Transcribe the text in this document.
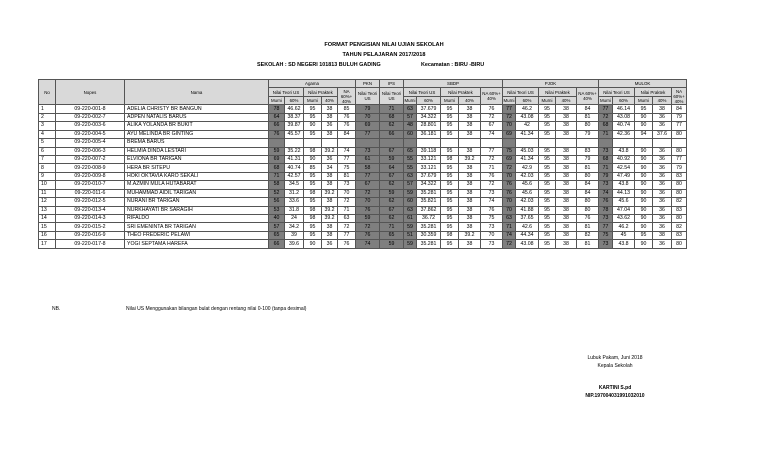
FORMAT PENGISIAN NILAI UJIAN SEKOLAH
TAHUN PELAJARAN 2017/2018
SEKOLAH : SD NEGERI 101813 BULUH GADING	Kecamatan : BIRU -BIRU
No	Nopes	Nama	Agama					PKN	IPS	SBDP					PJOK					MULOK				
			Nilai Teori US		Nilai Praktek		NA 60%+ 40%	Nilai Teori US	Nilai Teori US	Nilai Teori US		Nilai Praktek		NA 60%+ 40%	Nilai Teori US		Nilai Praktek		NA 60%+ 40%	Nilai Teori US		Nilai Praktek		NA 60%+ 40%
			Murni	60%	Murni	40%				Murni	60%	Murni	40%		Murni	60%	Murni	40%		Murni	60%	Murni	40%	
1	09-220-001-8	ADELIA CHRISTY BR BANGUN	78	46.62	95	38	85	79	71	63	37.679	95	38	76	77	46.2	95	38	84	77	46.14	95	38	84
2	09-220-002-7	ADPEN NATALIS BARUS	64	38.37	95	38	76	70	68	57	34.322	95	38	72	72	43.08	95	38	81	72	43.08	90	36	79
3	09-220-003-6	ALIKA YOLANDA BR BUKIT	66	39.87	90	36	76	69	62	48	28.801	95	38	67	70	42	95	38	80	68	40.74	90	36	77
4	09-220-004-5	AYU MELINDA BR GINTING	76	45.57	95	38	84	77	66	60	36.181	95	38	74	69	41.34	95	38	79	71	42.36	94	37.6	80
5	09-220-005-4	BREMA BARUS																						
6	09-220-006-3	HELMIA DINDA LESTARI	59	35.22	98	39.2	74	73	67	65	39.118	95	38	77	75	45.03	95	38	83	73	43.8	90	36	80
7	09-220-007-2	ELVIONA BR TARIGAN	69	41.31	90	36	77	61	59	55	33.121	98	39.2	72	69	41.34	95	38	79	68	40.92	90	36	77
8	09-220-008-9	HERA BR SITEPU	68	40.74	85	34	75	58	64	55	33.121	95	38	71	72	42.9	95	38	81	71	42.54	90	36	79
9	09-220-009-8	HOKI OKTAVIA KARO SEKALI	71	42.57	95	38	81	77	67	63	37.679	95	38	76	70	42.03	95	38	80	79	47.49	90	36	83
10	09-220-010-7	M.AZMIN MULA HUTABARAT	58	34.5	95	38	73	67	62	57	34.322	95	38	72	76	45.6	95	38	84	73	43.8	90	36	80
11	09-220-011-6	MUHAMMAD AIDIL TARIGAN	52	31.2	98	39.2	70	72	59	59	35.281	95	38	73	76	45.6	95	38	84	74	44.13	90	36	80
12	09-220-012-5	NURANI BR TARIGAN	56	33.6	95	38	72	70	62	60	35.821	95	38	74	70	42.03	95	38	80	76	45.6	90	36	82
13	09-220-013-4	NURKHAYATI BR SARAGIH	53	31.8	98	39.2	71	76	67	63	37.862	95	38	76	70	41.88	95	38	80	78	47.04	90	36	83
14	09-220-014-3	RIFALDO	40	24	98	39.2	63	59	62	61	36.72	95	38	75	63	37.65	95	38	76	73	43.62	90	36	80
15	09-220-015-2	SRI EMENINTA BR TARIGAN	57	34.2	95	38	72	72	71	59	35.281	95	38	73	71	42.6	95	38	81	77	46.2	90	36	82
16	09-220-016-9	THEO FREDERIC PELAWI	65	39	95	38	77	76	65	51	30.359	98	39.2	70	74	44.34	95	38	82	75	45	95	38	83
17	09-220-017-8	YOGI SEPTAMA HAREFA	66	39.6	90	36	76	74	59	59	35.281	95	38	73	72	43.08	95	38	81	73	43.8	90	36	80
NB.	Nilai US Menggunakan bilangan bulat dengan rentang nilai 0-100 (tanpa desimal)
Lubuk Pakam, Juni 2018
Kepala Sekolah
KARTINI S.pd
NIP.197004031991032010
